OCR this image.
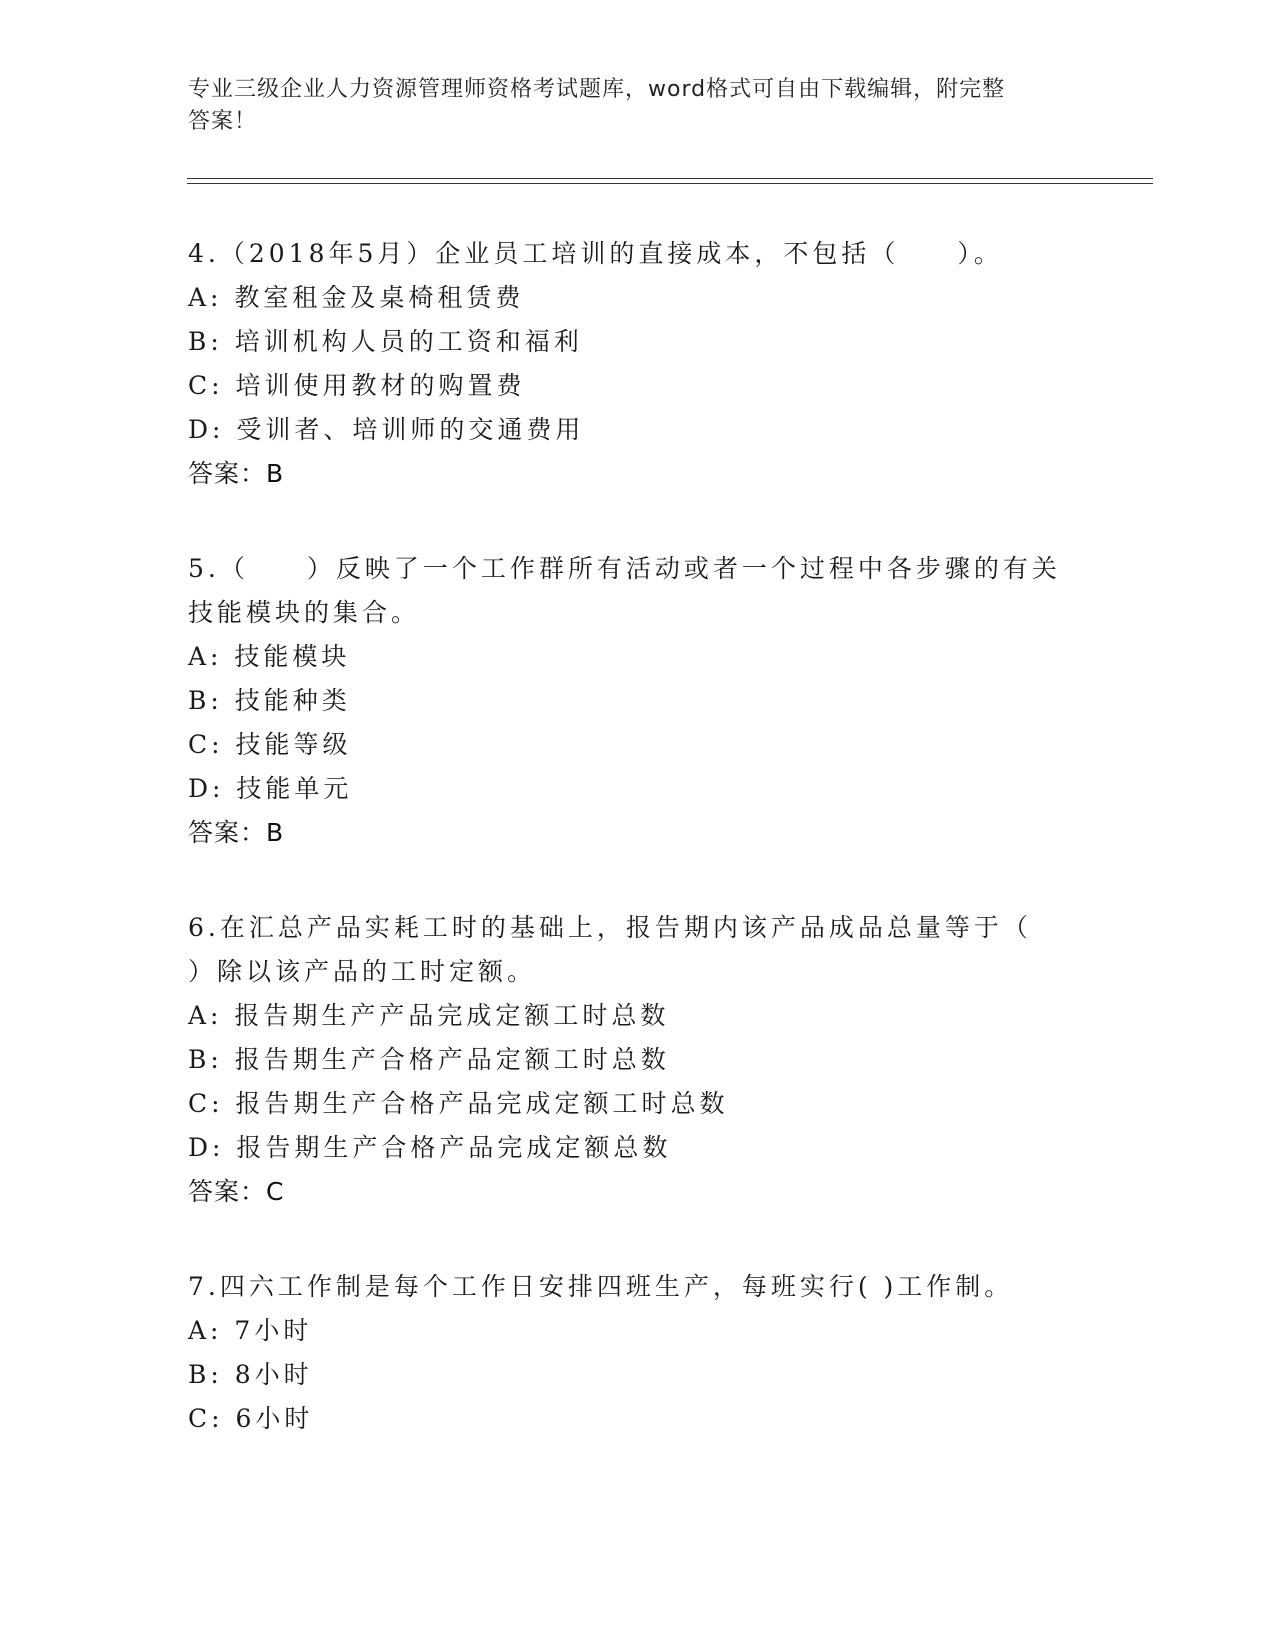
专业三级企业人力资源管理师资格考试题库，word格式可自由下载编辑，附完整
答案！
4.（2018年5月）企业员工培训的直接成本，不包括（　　）。
A: 教室租金及桌椅租赁费
B: 培训机构人员的工资和福利
C: 培训使用教材的购置费
D: 受训者、培训师的交通费用
答案：B
5.（　　）反映了一个工作群所有活动或者一个过程中各步骤的有关
技能模块的集合。
A: 技能模块
B: 技能种类
C: 技能等级
D: 技能单元
答案：B
6.在汇总产品实耗工时的基础上，报告期内该产品成品总量等于（
）除以该产品的工时定额。
A: 报告期生产产品完成定额工时总数
B: 报告期生产合格产品定额工时总数
C: 报告期生产合格产品完成定额工时总数
D: 报告期生产合格产品完成定额总数
答案：C
7.四六工作制是每个工作日安排四班生产，每班实行( )工作制。
A: 7小时
B: 8小时
C: 6小时
